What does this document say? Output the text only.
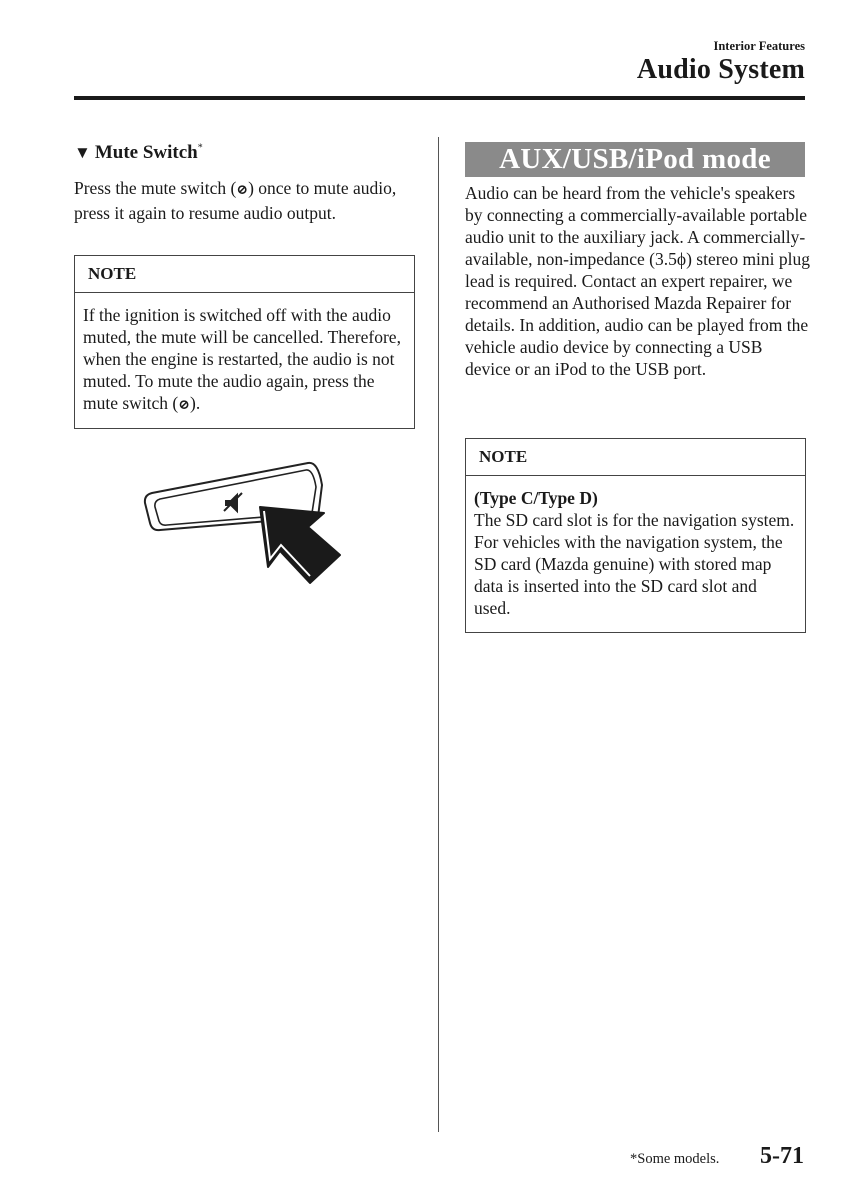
Interior Features
Audio System
▼ Mute Switch*
Press the mute switch (⊘) once to mute audio, press it again to resume audio output.
NOTE
If the ignition is switched off with the audio muted, the mute will be cancelled. Therefore, when the engine is restarted, the audio is not muted. To mute the audio again, press the mute switch (⊘).
AUX/USB/iPod mode
Audio can be heard from the vehicle's speakers by connecting a commercially-available portable audio unit to the auxiliary jack. A commercially-available, non-impedance (3.5ϕ) stereo mini plug lead is required. Contact an expert repairer, we recommend an Authorised Mazda Repairer for details. In addition, audio can be played from the vehicle audio device by connecting a USB device or an iPod to the USB port.
NOTE
(Type C/Type D)
The SD card slot is for the navigation system. For vehicles with the navigation system, the SD card (Mazda genuine) with stored map data is inserted into the SD card slot and used.
*Some models. 5-71
